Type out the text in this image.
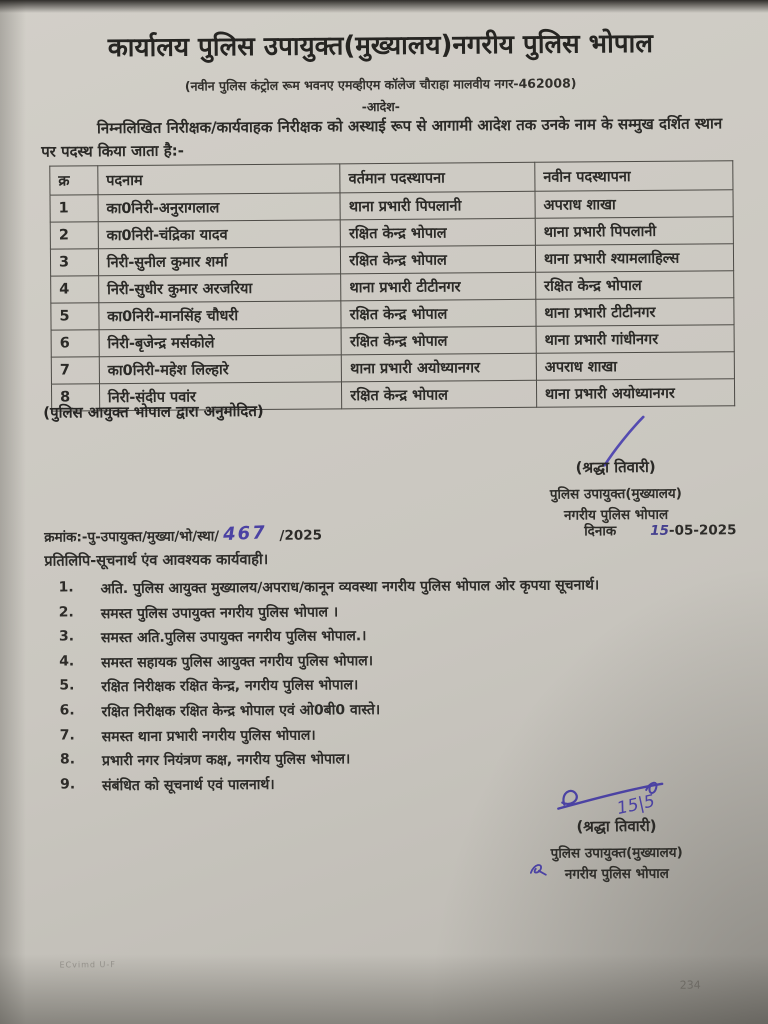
कार्यालय पुलिस उपायुक्त(मुख्यालय)नगरीय पुलिस भोपाल
(नवीन पुलिस कंट्रोल रूम भवनए एमव्हीएम कॉलेज चौराहा मालवीय नगर-462008)
-आदेश-
निम्नलिखित निरीक्षक/कार्यवाहक निरीक्षक को अस्थाई रूप से आगामी आदेश तक उनके नाम के सम्मुख दर्शित स्थान पर पदस्थ किया जाता है:-
क्र	पदनाम	वर्तमान पदस्थापना	नवीन पदस्थापना
1	का0निरी-अनुरागलाल	थाना प्रभारी पिपलानी	अपराध शाखा
2	का0निरी-चंद्रिका यादव	रक्षित केन्द्र भोपाल	थाना प्रभारी पिपलानी
3	निरी-सुनील कुमार शर्मा	रक्षित केन्द्र भोपाल	थाना प्रभारी श्यामलाहिल्स
4	निरी-सुधीर कुमार अरजरिया	थाना प्रभारी टीटीनगर	रक्षित केन्द्र भोपाल
5	का0निरी-मानसिंह चौधरी	रक्षित केन्द्र भोपाल	थाना प्रभारी टीटीनगर
6	निरी-बृजेन्द्र मर्सकोले	रक्षित केन्द्र भोपाल	थाना प्रभारी गांधीनगर
7	का0निरी-महेश लिल्हारे	थाना प्रभारी अयोध्यानगर	अपराध शाखा
8	निरी-संदीप पवांर	रक्षित केन्द्र भोपाल	थाना प्रभारी अयोध्यानगर
(पुलिस आयुक्त भोपाल द्वारा अनुमोदित)
(श्रद्धा तिवारी)
पुलिस उपायुक्त(मुख्यालय)
नगरीय पुलिस भोपाल
क्रमांक:-पु-उपायुक्त/मुख्या/भो/स्था/ 467 /2025	दिनाक	15-05-2025
प्रतिलिपि-सूचनार्थ एंव आवश्यक कार्यवाही।
1.	अति. पुलिस आयुक्त मुख्यालय/अपराध/कानून व्यवस्था नगरीय पुलिस भोपाल ओर कृपया सूचनार्थ।
2.	समस्त पुलिस उपायुक्त नगरीय पुलिस भोपाल ।
3.	समस्त अति.पुलिस उपायुक्त नगरीय पुलिस भोपाल.।
4.	समस्त सहायक पुलिस आयुक्त नगरीय पुलिस भोपाल।
5.	रक्षित निरीक्षक रक्षित केन्द्र, नगरीय पुलिस भोपाल।
6.	रक्षित निरीक्षक रक्षित केन्द्र भोपाल एवं ओ0बी0 वास्ते।
7.	समस्त थाना प्रभारी नगरीय पुलिस भोपाल।
8.	प्रभारी नगर नियंत्रण कक्ष, नगरीय पुलिस भोपाल।
9.	संबंधित को सूचनार्थ एवं पालनार्थ।
15|5
(श्रद्धा तिवारी)
पुलिस उपायुक्त(मुख्यालय)
नगरीय पुलिस भोपाल
ECvimd U-F
234
